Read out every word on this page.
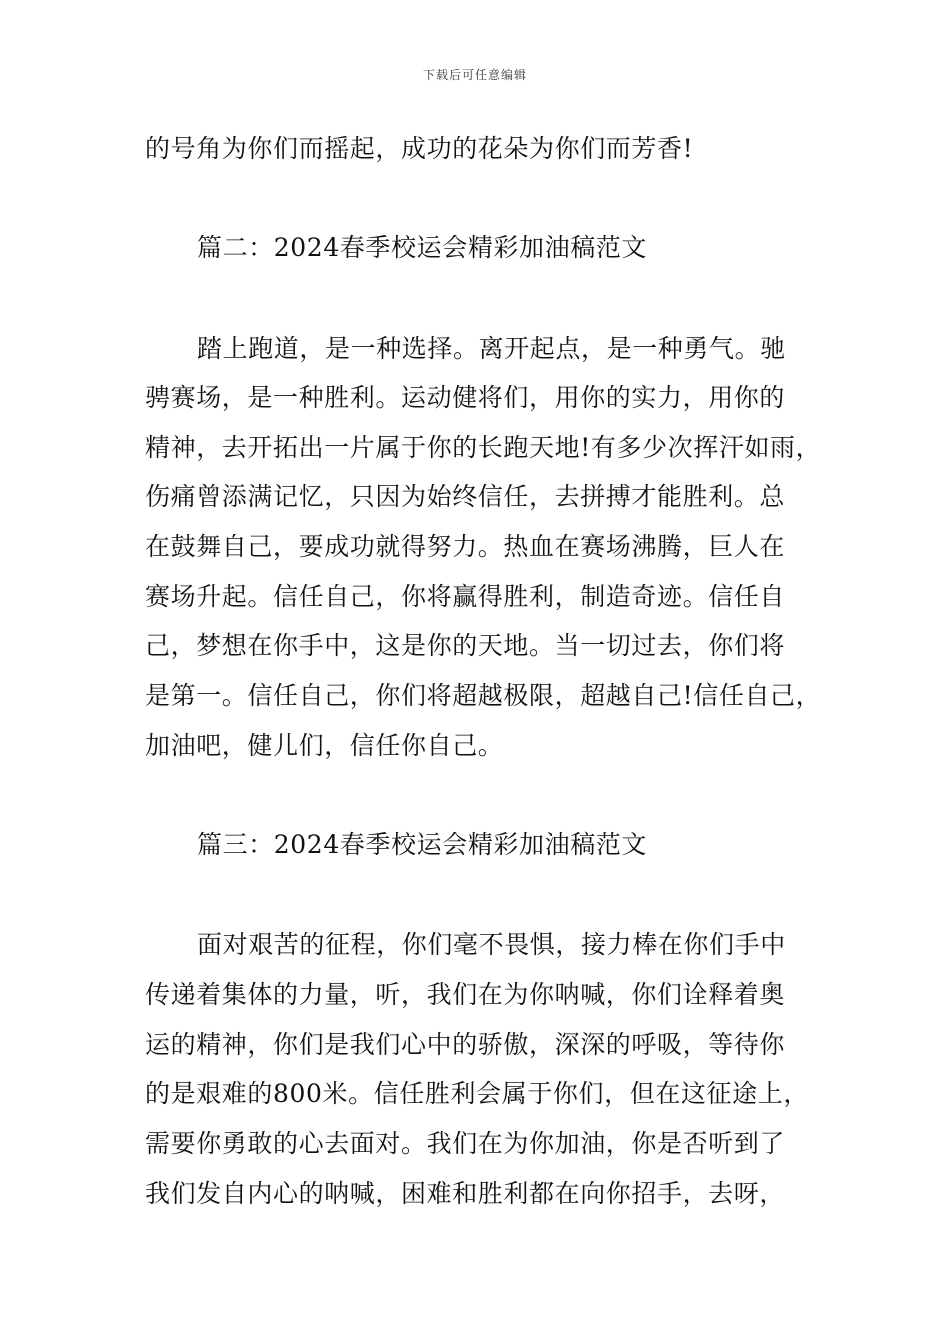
下载后可任意编辑
的号角为你们而摇起，成功的花朵为你们而芳香!
篇二：2024春季校运会精彩加油稿范文
踏上跑道，是一种选择。离开起点，是一种勇气。驰
骋赛场，是一种胜利。运动健将们，用你的实力，用你的
精神，去开拓出一片属于你的长跑天地!有多少次挥汗如雨，
伤痛曾添满记忆，只因为始终信任，去拼搏才能胜利。总
在鼓舞自己，要成功就得努力。热血在赛场沸腾，巨人在
赛场升起。信任自己，你将赢得胜利，制造奇迹。信任自
己，梦想在你手中，这是你的天地。当一切过去，你们将
是第一。信任自己，你们将超越极限，超越自己!信任自己，
加油吧，健儿们，信任你自己。
篇三：2024春季校运会精彩加油稿范文
面对艰苦的征程，你们毫不畏惧，接力棒在你们手中
传递着集体的力量，听，我们在为你呐喊，你们诠释着奥
运的精神，你们是我们心中的骄傲，深深的呼吸，等待你
的是艰难的800米。信任胜利会属于你们，但在这征途上，
需要你勇敢的心去面对。我们在为你加油，你是否听到了
我们发自内心的呐喊，困难和胜利都在向你招手，去呀，
